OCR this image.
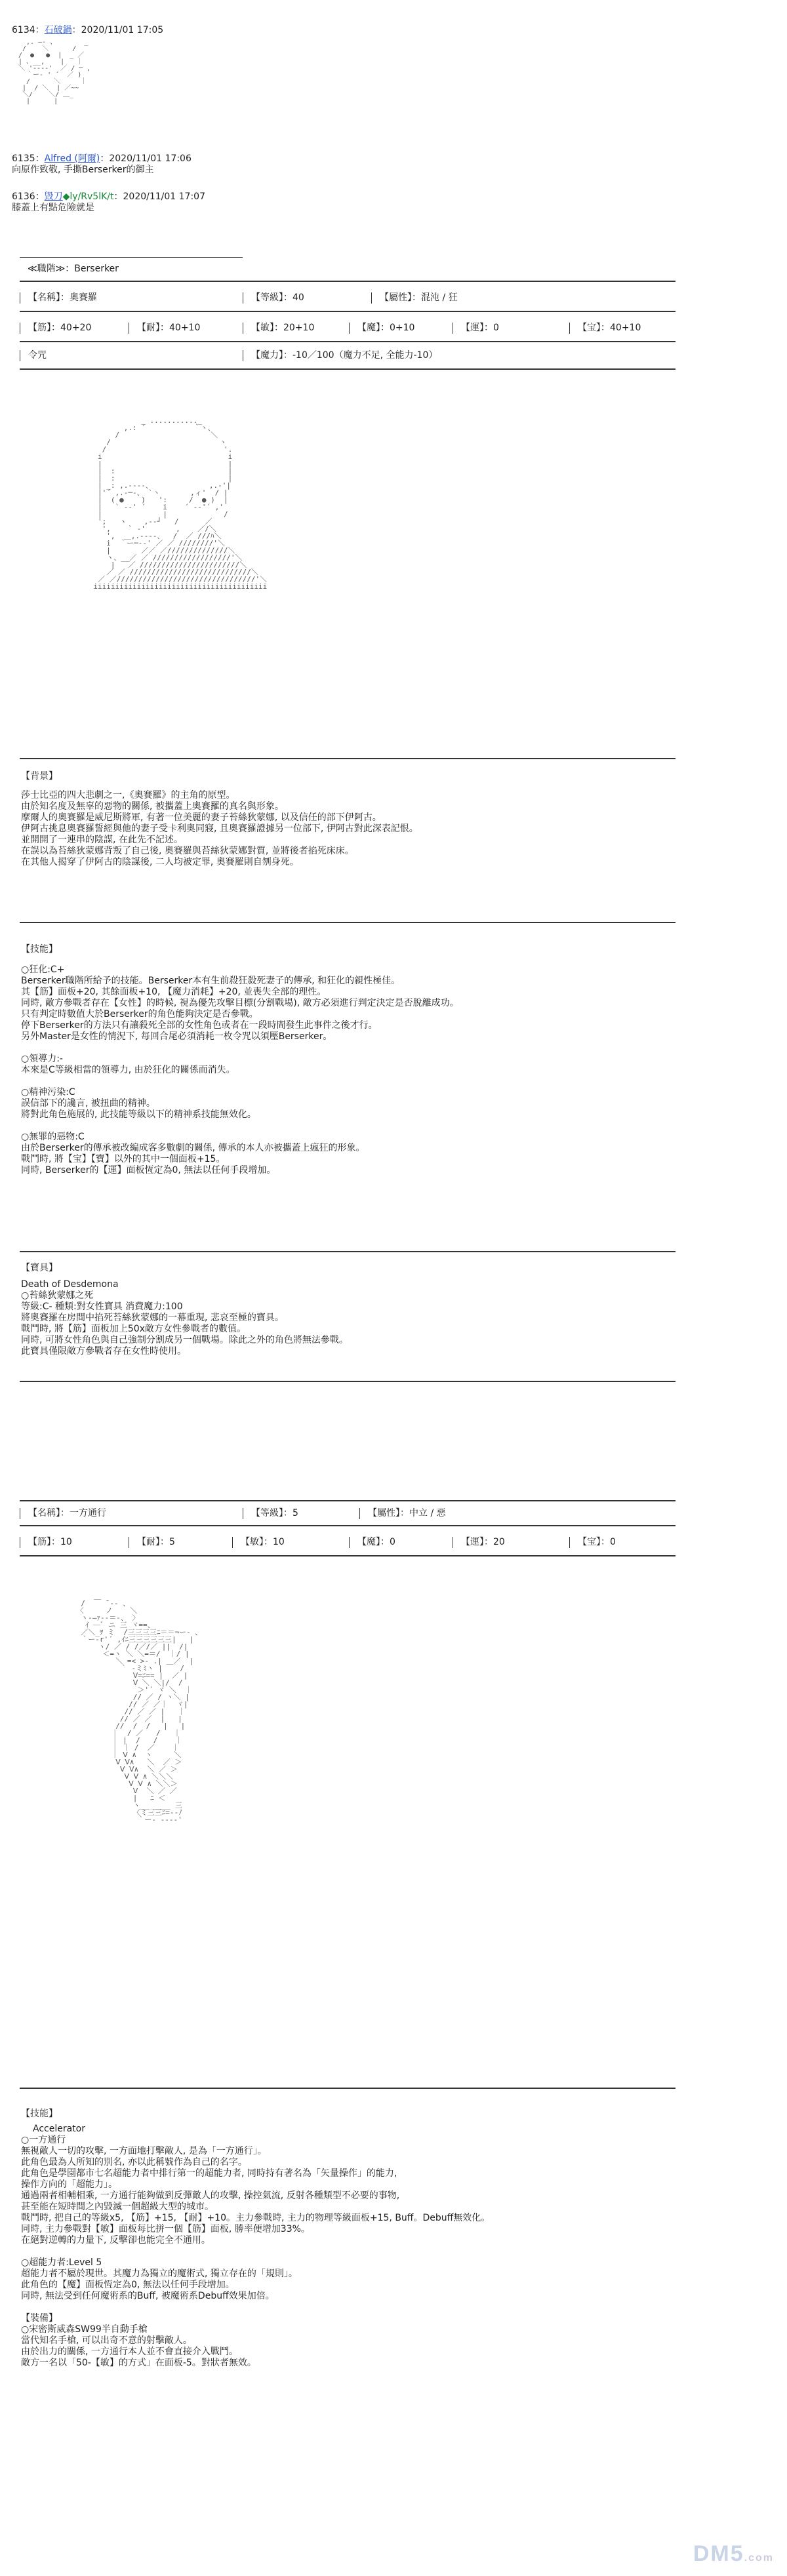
6134：石破鍋：2020/11/01 17:05
,. ―‐ 、       _
/    ＼      /
/  ●   ●  |  _ ／
| 、__,    |   ｜
＼ '‐--‐'  ／ / ─ ,
｀ー‐ ' ´  ／ )
/      ＼     ｜
|  / ＼  | ／~~
＼/    ＼/ ＿_
|      |
6135：Alfred (阿爾)：2020/11/01 17:06
向原作致敬, 手撕Berserker的御主
6136：毀刀◆ly/Rv5lK/t：2020/11/01 17:07
膝蓋上有點危險就是
≪職階≫：Berserker
【名稱】：奧賽羅	【等級】：40	【屬性】：混沌 / 狂
【筋】：40+20	【耐】：40+10	【敏】：20+10	【魔】：0+10	【運】：0	【宝】：40+10
令咒	【魔力】：-10／100（魔力不足, 全能力-10）
_ ..........._
,.: ´           ｀ヽ、
/                     ＼
/                         ヽ
/                           '.
i                             i
|                             |
|  :                          |
|  :                          |
| _: ,.-‐‐-、             ,.-'|
|'´ ,.-─-、 `ヽ       ,ィ'  / |
|  ( ●    )   ':     /  ● )  |
|   ` ‐‐' ´    i    ´ ‐‐'´ ,'
|              |             /
';   ヽ    ,-‐┘   /      ／
',    ` ‐'       ,    ／/＼
',  ＿,.-‐‐‐、  /  ／ ///ﾊ＼
i  ｀ー─‐‐' ／ ／ ////////'＼
|       ／／ ／//////////////＼
ヽ、__／ ／ //////////////////'＼
|   ／ ///////////////////////＼
／ ／ ////////////////////////////＼
／ ／////////////////////////////////'＼
iiiiiiiiiiiiiiiiiiiiiiiiiiiiiiiiiiiiiiii
【背景】
莎士比亞的四大悲劇之一,《奧賽羅》的主角的原型。
由於知名度及無辜的惡物的關係, 被攜蓋上奧賽羅的真名與形象。
摩爾人的奧賽羅是威尼斯將軍, 有著一位美麗的妻子苔絲狄蒙娜, 以及信任的部下伊阿古。
伊阿古挑息奧賽羅誓經與他的妻子受卡利奧同寢, 且奧賽羅證據另一位部下, 伊阿古對此深表記恨。
並開開了一連串的陰謀, 在此先不記述。
在誤以為苔絲狄蒙娜背叛了自己後, 奧賽羅與苔絲狄蒙娜對質, 並將後者掐死床床。
在其他人揭穿了伊阿古的陰謀後, 二人均被定罪, 奧賽羅則自刎身死。
【技能】
○狂化:C+
Berserker職階所給予的技能。Berserker本有生前殺狂殺死妻子的傳承, 和狂化的親性極佳。
其【筋】面板+20, 其餘面板+10, 【魔力消耗】+20, 並喪失全部的理性。
同時, 敵方參戰者存在【女性】的時候, 視為優先攻擊目標(分割戰場), 敵方必須進行判定決定是否脫離成功。
只有判定時數值大於Berserker的角色能夠決定是否參戰。
停下Berserker的方法只有讓殺死全部的女性角色或者在一段時間發生此事件之後才行。
另外Master是女性的情況下, 每回合尾必須消耗一枚令咒以須壓Berserker。
○領導力:-
本來是C等級相當的領導力, 由於狂化的關係而消失。
○精神污染:C
誤信部下的讒言, 被扭曲的精神。
將對此角色施展的, 此技能等級以下的精神系技能無效化。
○無罪的惡物:C
由於Berserker的傳承被改編成客多數劇的關係, 傳承的本人亦被攜蓋上瘋狂的形象。
戰鬥時, 將【宝】【寶】以外的其中一個面板+15。
同時, Berserker的【運】面板恆定為0, 無法以任何手段增加。
【寶具】
Death of Desdemona
○苔絲狄蒙娜之死
等級:C- 種類:對女性寶具 消費魔力:100
將奧賽羅在房間中掐死苔絲狄蒙娜的一幕重現, 悲哀至極的寶具。
戰鬥時, 將【筋】面板加上50x敵方女性參戰者的數值。
同時, 可將女性角色與自己強制分割成另一個戰場。除此之外的角色將無法參戰。
此寶具僅限敵方參戰者存在女性時使用。
【名稱】：一方通行	【等級】：5	【屬性】：中立 / 惡
【筋】：10	【耐】：5	【敏】：10	【魔】：0	【運】：20	【宝】：0
/  ￣ ̄ ‐- 、
〈     ノ    ＼
ヽ-―ｧ‐‐＝-、 〉
ｲ ─ﾞ ニ 三 ヾ==、
／＼_ｦ ミ  /三三三三ﾆ＝＝¬ー- 、
｀ー-r'´ ,ｲﾆ三三三三三三|   |
ヽ/ ／ / /／/／ ||  /|
＜=ヽ ＼ ＼=＝/  ｜/ |
＼ =< >‐ .| ＿／  |
｀ ‐ミﾐヽ |    /
Ⅴ=ﾆ== |  ／ |
Ⅴ ＼ ＼|/  /
＞'´ ヾ ＼  ｜
// ／ / ヽ＼ |
// ／ ／｜  ヾ|
// ／ ／ |   ｜
// ／ ／  |   |
//  /  /   |   |
｜  / ／   /   ｜
｜ |  /   /    ｜
｜ ｜ /  ／    ｜
｜ Ⅴ ∧  ヽ     ＼
Ⅴ Ⅴ∧   ＼  ／ ＞
Ⅴ Ⅴ∧  ＼ ／ ＞
Ⅴ Ⅴ ∧ ＼＼＼
Ⅴ Ⅴ ∧ ＼＼＞
Ⅴ  ＼ ／ ／
|   ﾆ ＜
ヽ__ ____ 三
〈ミ三三ﾆ=‐‐ﾉ
｀ー‐ ‐‐‐‐'
【技能】
Accelerator
○一方通行
無視敵人一切的攻擊, 一方面地打擊敵人, 是為「一方通行」。
此角色最為人所知的別名, 亦以此稱號作為自己的名字。
此角色是學園都市七名超能力者中排行第一的超能力者, 同時持有著名為「矢量操作」的能力,
操作方向的「超能力」。
通過兩者相輔相乘, 一方通行能夠做到反彈敵人的攻擊, 操控氣流, 反射各種類型不必要的事物,
甚至能在短時間之內毀滅一個超級大型的城市。
戰鬥時, 把自己的等級x5, 【筋】+15, 【耐】+10。主力參戰時, 主力的物理等級面板+15, Buff。Debuff無效化。
同時, 主力參戰對【敏】面板每比拼一個【筋】面板, 勝率便增加33%。
在絕對逆轉的力量下, 反擊卻也能完全不通用。
○超能力者:Level 5
超能力者不屬於現世。其魔力為獨立的魔術式, 獨立存在的「規則」。
此角色的【魔】面板恆定為0, 無法以任何手段增加。
同時, 無法受到任何魔術系的Buff, 被魔術系Debuff效果加倍。
【裝備】
○宋密斯威森SW99半自動手槍
當代知名手槍, 可以出奇不意的射擊敵人。
由於出力的關係, 一方通行本人並不會直接介入戰鬥。
敵方一名以「50-【敏】的方式」在面板-5。對狀者無效。
DM5.com
